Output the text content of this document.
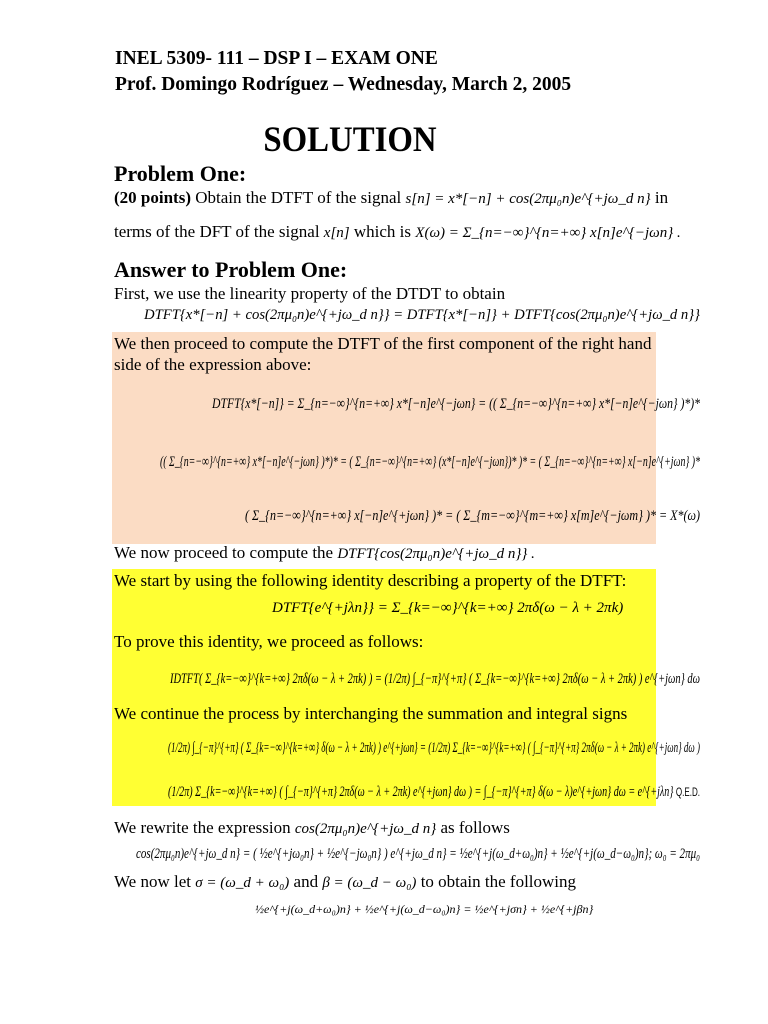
INEL 5309- 111 – DSP I – EXAM ONE
Prof. Domingo Rodríguez – Wednesday, March 2, 2005
SOLUTION
Problem One:
(20 points) Obtain the DTFT of the signal s[n] = x*[−n] + cos(2πμ₀n)e^{+jω_d n} in
terms of the DFT of the signal x[n] which is X(ω) = Σ_{n=−∞}^{n=+∞} x[n]e^{−jωn} .
Answer to Problem One:
First, we use the linearity property of the DTDT to obtain
DTFT{x*[−n] + cos(2πμ₀n)e^{+jω_d n}} = DTFT{x*[−n]} + DTFT{cos(2πμ₀n)e^{+jω_d n}}
We then proceed to compute the DTFT of the first component of the right hand side of the expression above:
DTFT{x*[−n]} = Σ_{n=−∞}^{n=+∞} x*[−n]e^{−jωn} = (( Σ_{n=−∞}^{n=+∞} x*[−n]e^{−jωn} )*)*
(( Σ_{n=−∞}^{n=+∞} x*[−n]e^{−jωn} )*)* = ( Σ_{n=−∞}^{n=+∞} (x*[−n]e^{−jωn})* )* = ( Σ_{n=−∞}^{n=+∞} x[−n]e^{+jωn} )*
( Σ_{n=−∞}^{n=+∞} x[−n]e^{+jωn} )* = ( Σ_{m=−∞}^{m=+∞} x[m]e^{−jωm} )* = X*(ω)
We now proceed to compute the DTFT{cos(2πμ₀n)e^{+jω_d n}} .
We start by using the following identity describing a property of the DTFT:
DTFT{e^{+jλn}} = Σ_{k=−∞}^{k=+∞} 2πδ(ω − λ + 2πk)
To prove this identity, we proceed as follows:
IDTFT( Σ_{k=−∞}^{k=+∞} 2πδ(ω − λ + 2πk) ) = (1/2π) ∫_{−π}^{+π} ( Σ_{k=−∞}^{k=+∞} 2πδ(ω − λ + 2πk) ) e^{+jωn} dω
We continue the process by interchanging the summation and integral signs
(1/2π) ∫_{−π}^{+π} ( Σ_{k=−∞}^{k=+∞} δ(ω − λ + 2πk) ) e^{+jωn} = (1/2π) Σ_{k=−∞}^{k=+∞} ( ∫_{−π}^{+π} 2πδ(ω − λ + 2πk) e^{+jωn} dω )
(1/2π) Σ_{k=−∞}^{k=+∞} ( ∫_{−π}^{+π} 2πδ(ω − λ + 2πk) e^{+jωn} dω ) = ∫_{−π}^{+π} δ(ω − λ)e^{+jωn} dω = e^{+jλn} Q.E.D.
We rewrite the expression cos(2πμ₀n)e^{+jω_d n} as follows
cos(2πμ₀n)e^{+jω_d n} = ( ½e^{+jω₀n} + ½e^{−jω₀n} ) e^{+jω_d n} = ½e^{+j(ω_d+ω₀)n} + ½e^{+j(ω_d−ω₀)n}; ω₀ = 2πμ₀
We now let σ = (ω_d + ω₀) and β = (ω_d − ω₀) to obtain the following
½e^{+j(ω_d+ω₀)n} + ½e^{+j(ω_d−ω₀)n} = ½e^{+jσn} + ½e^{+jβn}
